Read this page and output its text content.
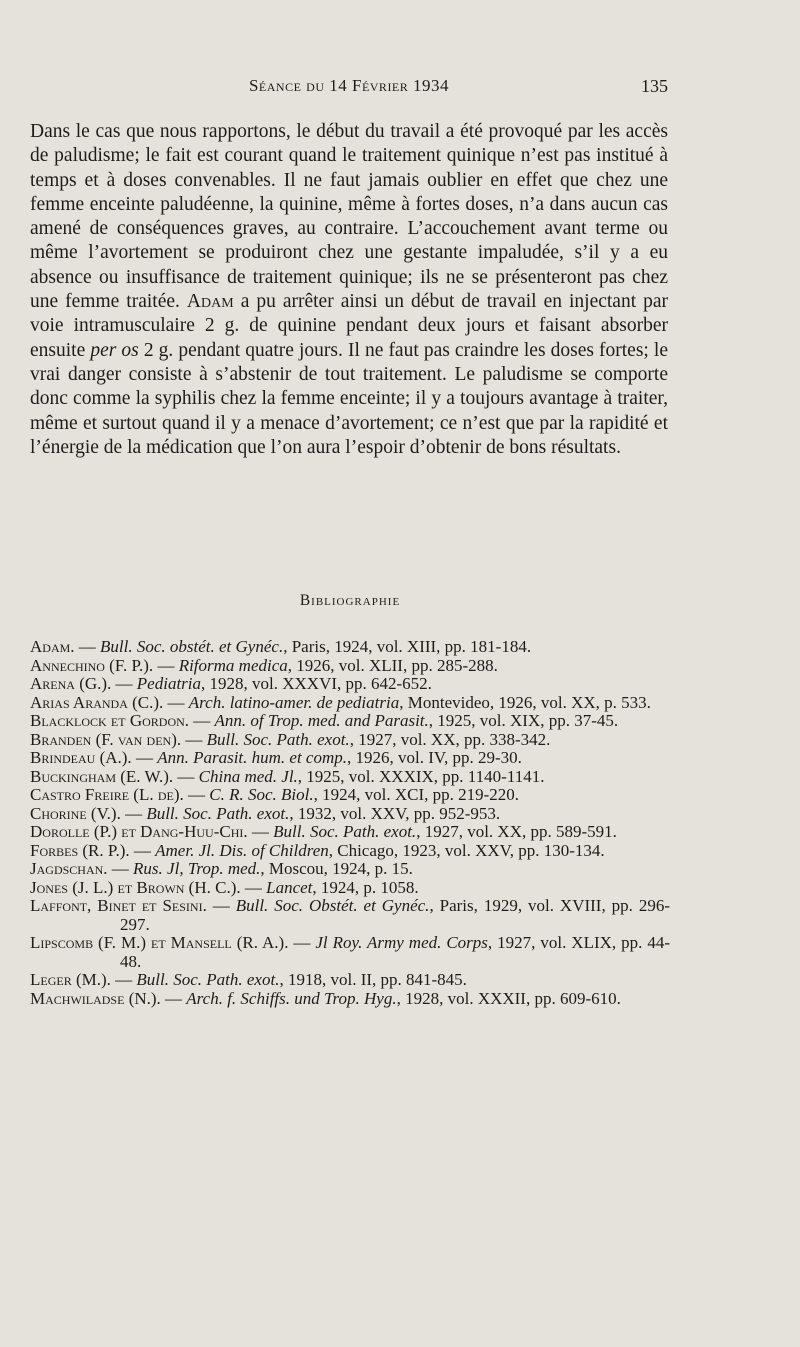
Séance du 14 Février 1934	135

Dans le cas que nous rapportons, le début du travail a été provoqué par les accès de paludisme; le fait est courant quand le traitement quinique n’est pas institué à temps et à doses convenables. Il ne faut jamais oublier en effet que chez une femme enceinte paludéenne, la quinine, même à fortes doses, n’a dans aucun cas amené de conséquences graves, au contraire. L’accouchement avant terme ou même l’avortement se produiront chez une gestante impaludée, s’il y a eu absence ou insuffisance de traitement quinique; ils ne se présenteront pas chez une femme traitée. Adam a pu arrêter ainsi un début de travail en injectant par voie intramusculaire 2 g. de quinine pendant deux jours et faisant absorber ensuite per os 2 g. pendant quatre jours. Il ne faut pas craindre les doses fortes; le vrai danger consiste à s’abstenir de tout traitement. Le paludisme se comporte donc comme la syphilis chez la femme enceinte; il y a toujours avantage à traiter, même et surtout quand il y a menace d’avortement; ce n’est que par la rapidité et l’énergie de la médication que l’on aura l’espoir d’obtenir de bons résultats.

Bibliographie

Adam. — Bull. Soc. obstét. et Gynéc., Paris, 1924, vol. XIII, pp. 181-184.

Annechino (F. P.). — Riforma medica, 1926, vol. XLII, pp. 285-288.

Arena (G.). — Pediatria, 1928, vol. XXXVI, pp. 642-652.

Arias Aranda (C.). — Arch. latino-amer. de pediatria, Montevideo, 1926, vol. XX, p. 533.

Blacklock et Gordon. — Ann. of Trop. med. and Parasit., 1925, vol. XIX, pp. 37-45.

Branden (F. van den). — Bull. Soc. Path. exot., 1927, vol. XX, pp. 338-342.

Brindeau (A.). — Ann. Parasit. hum. et comp., 1926, vol. IV, pp. 29-30.

Buckingham (E. W.). — China med. Jl., 1925, vol. XXXIX, pp. 1140-1141.

Castro Freire (L. de). — C. R. Soc. Biol., 1924, vol. XCI, pp. 219-220.

Chorine (V.). — Bull. Soc. Path. exot., 1932, vol. XXV, pp. 952-953.

Dorolle (P.) et Dang-Huu-Chi. — Bull. Soc. Path. exot., 1927, vol. XX, pp. 589-591.

Forbes (R. P.). — Amer. Jl. Dis. of Children, Chicago, 1923, vol. XXV, pp. 130-134.

Jagdschan. — Rus. Jl, Trop. med., Moscou, 1924, p. 15.

Jones (J. L.) et Brown (H. C.). — Lancet, 1924, p. 1058.

Laffont, Binet et Sesini. — Bull. Soc. Obstét. et Gynéc., Paris, 1929, vol. XVIII, pp. 296-297.

Lipscomb (F. M.) et Mansell (R. A.). — Jl Roy. Army med. Corps, 1927, vol. XLIX, pp. 44-48.

Leger (M.). — Bull. Soc. Path. exot., 1918, vol. II, pp. 841-845.

Machwiladse (N.). — Arch. f. Schiffs. und Trop. Hyg., 1928, vol. XXXII, pp. 609-610.
